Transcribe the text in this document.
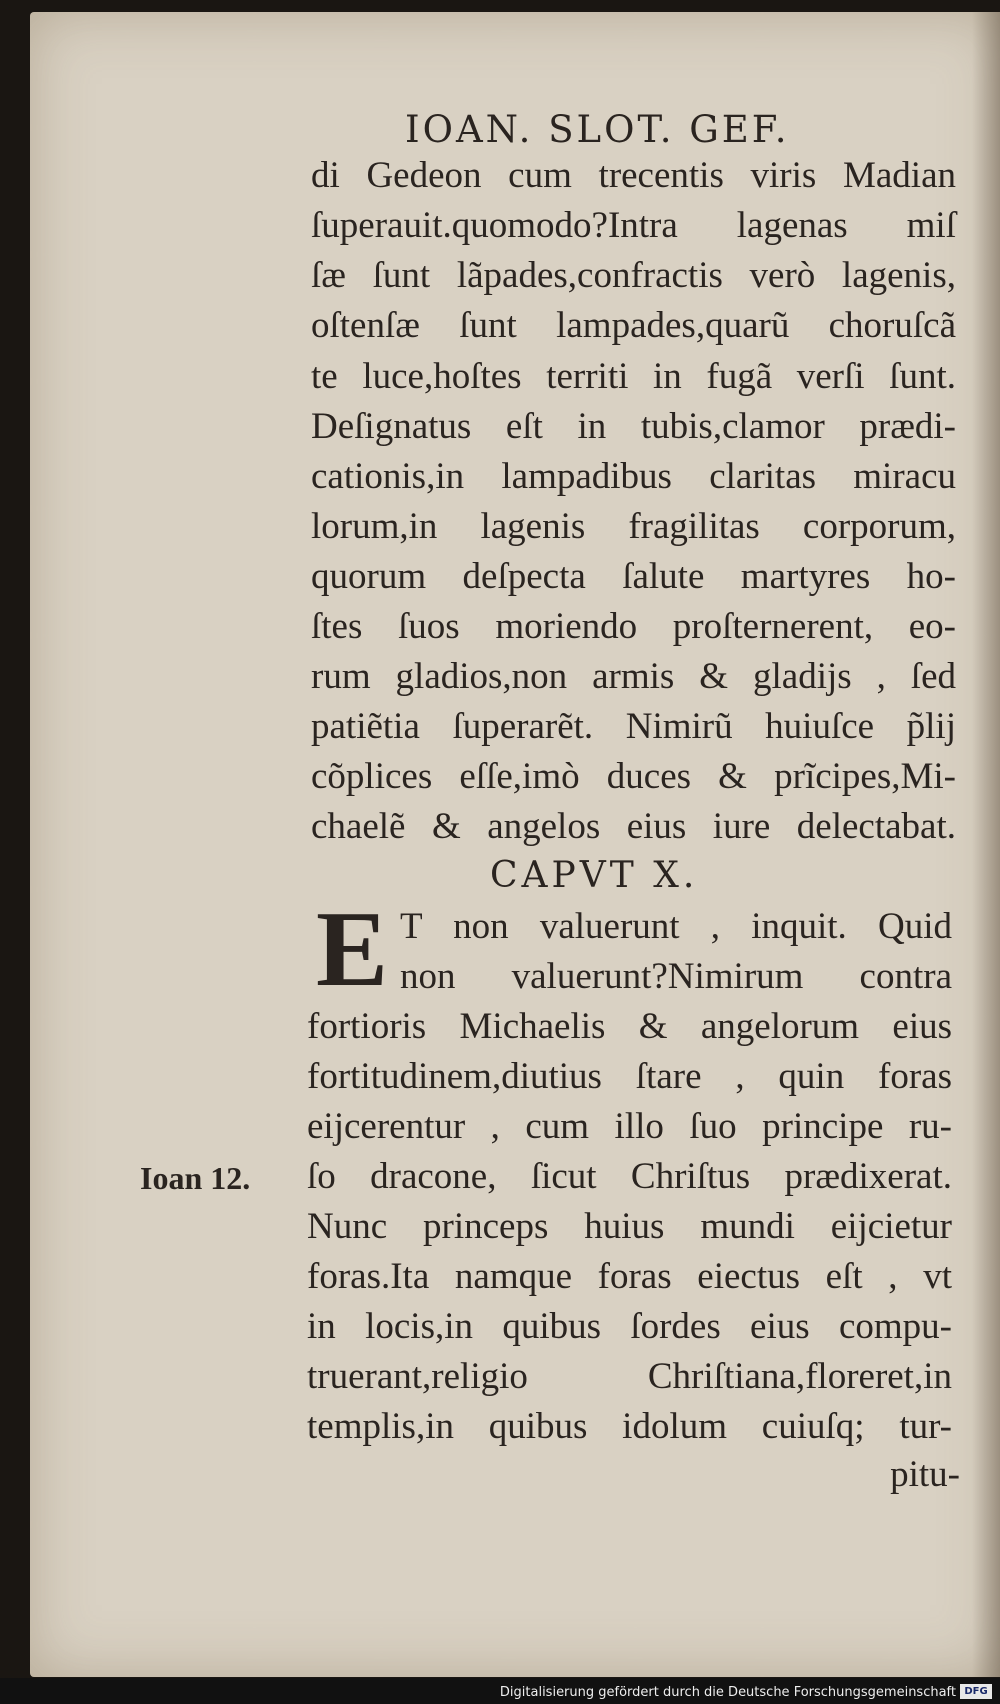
IOAN. SLOT. GEF.
di Gedeon cum trecentis viris Madian
ſuperauit.quomodo?Intra lagenas miſ
ſæ ſunt lãpades,confractis verò lagenis,
oſtenſæ ſunt lampades,quarũ choruſcã
te luce,hoſtes territi in fugã verſi ſunt.
Deſignatus eſt in tubis,clamor prædi-
cationis,in lampadibus claritas miracu
lorum,in lagenis fragilitas corporum,
quorum deſpecta ſalute martyres ho-
ſtes ſuos moriendo proſternerent, eo-
rum gladios,non armis & gladijs , ſed
patiẽtia ſuperarẽt. Nimirũ huiuſce p̃lij
cõplices eſſe,imò duces & prĩcipes,Mi-
CAPVT X.
E T non valuerunt , inquit. Quid
non valuerunt?Nimirum contra
fortioris Michaelis & angelorum eius
fortitudinem,diutius ſtare , quin foras
eijcerentur , cum illo ſuo principe ru-
ſo dracone, ſicut Chriſtus prædixerat.
Nunc princeps huius mundi eijcietur
foras.Ita namque foras eiectus eſt , vt
in locis,in quibus ſordes eius compu-
truerant,religio Chriſtiana,floreret,in
templis,in quibus idolum cuiuſq; tur-
pitu-
Ioan 12.
Digitalisierung gefördert durch die Deutsche Forschungsgemeinschaft DFG
chaelẽ & angelos eius iure delectabat.
